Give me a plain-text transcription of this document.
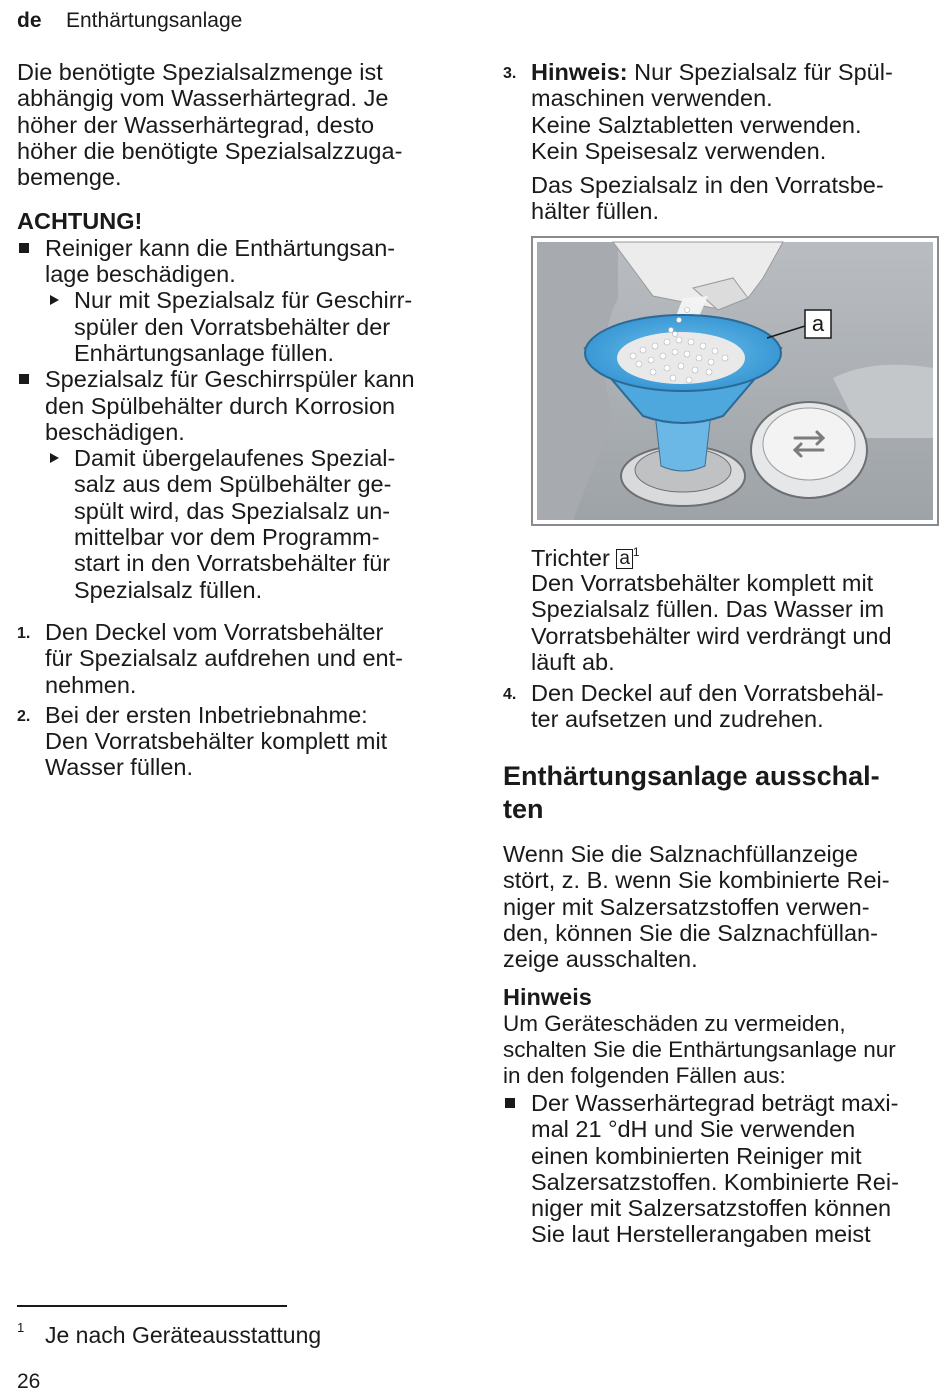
de Enthärtungsanlage

Die benötigte Spezialsalzmenge ist
abhängig vom Wasserhärtegrad. Je
höher der Wasserhärtegrad, desto
höher die benötigte Spezialsalzzuga-
bemenge.

ACHTUNG!

Reiniger kann die Enthärtungsan-
lage beschädigen.
Nur mit Spezialsalz für Geschirr-
spüler den Vorratsbehälter der
Enhärtungsanlage füllen.
Spezialsalz für Geschirrspüler kann
den Spülbehälter durch Korrosion
beschädigen.
Damit übergelaufenes Spezial-
salz aus dem Spülbehälter ge-
spült wird, das Spezialsalz un-
mittelbar vor dem Programm-
start in den Vorratsbehälter für
Spezialsalz füllen.
1. Den Deckel vom Vorratsbehälter
für Spezialsalz aufdrehen und ent-
nehmen.
2. Bei der ersten Inbetriebnahme:
Den Vorratsbehälter komplett mit
Wasser füllen.
3. Hinweis: Nur Spezialsalz für Spül-
maschinen verwenden.
Keine Salztabletten verwenden.
Kein Speisesalz verwenden.
Das Spezialsalz in den Vorratsbe-
hälter füllen.
a
Trichter a $^1$
Den Vorratsbehälter komplett mit
Spezialsalz füllen. Das Wasser im
Vorratsbehälter wird verdrängt und
läuft ab.
4. Den Deckel auf den Vorratsbehäl-
ter aufsetzen und zudrehen.
Enthärtungsanlage ausschal-
ten
Wenn Sie die Salznachfüllanzeige
stört, z. B. wenn Sie kombinierte Rei-
niger mit Salzersatzstoffen verwen-
den, können Sie die Salznachfüllan-
zeige ausschalten.
Hinweis
Um Geräteschäden zu vermeiden,
schalten Sie die Enthärtungsanlage nur
in den folgenden Fällen aus:
Der Wasserhärtegrad beträgt maxi-
mal 21 °dH und Sie verwenden
einen kombinierten Reiniger mit
Salzersatzstoffen. Kombinierte Rei-
niger mit Salzersatzstoffen können
Sie laut Herstellerangaben meist
1 Je nach Geräteausstattung
26
